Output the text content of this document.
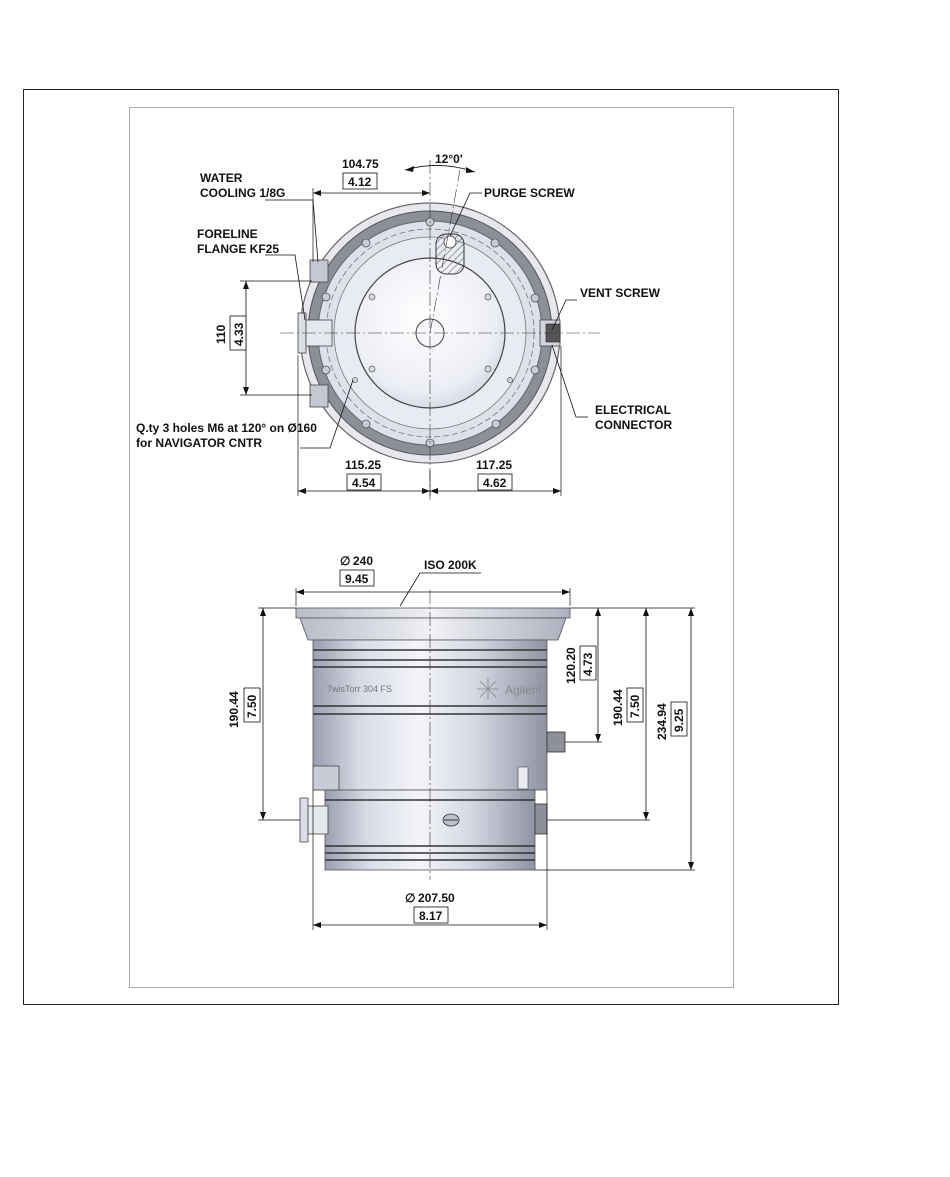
WATER
COOLING 1/8G
FORELINE
FLANGE KF25
PURGE SCREW
VENT SCREW
Q.ty 3 holes M6 at 120° on Ø160
for NAVIGATOR CNTR
ELECTRICAL
CONNECTOR
104.75
4.12
12°0'
110 4.33
115.25
4.54
117.25
4.62
TwisTorr 304 FS	Agilent
ISO 200K
∅ 240
9.45
190.44 7.50
120.20 4.73
190.44 7.50 234.94 9.25
∅ 207.50
8.17
